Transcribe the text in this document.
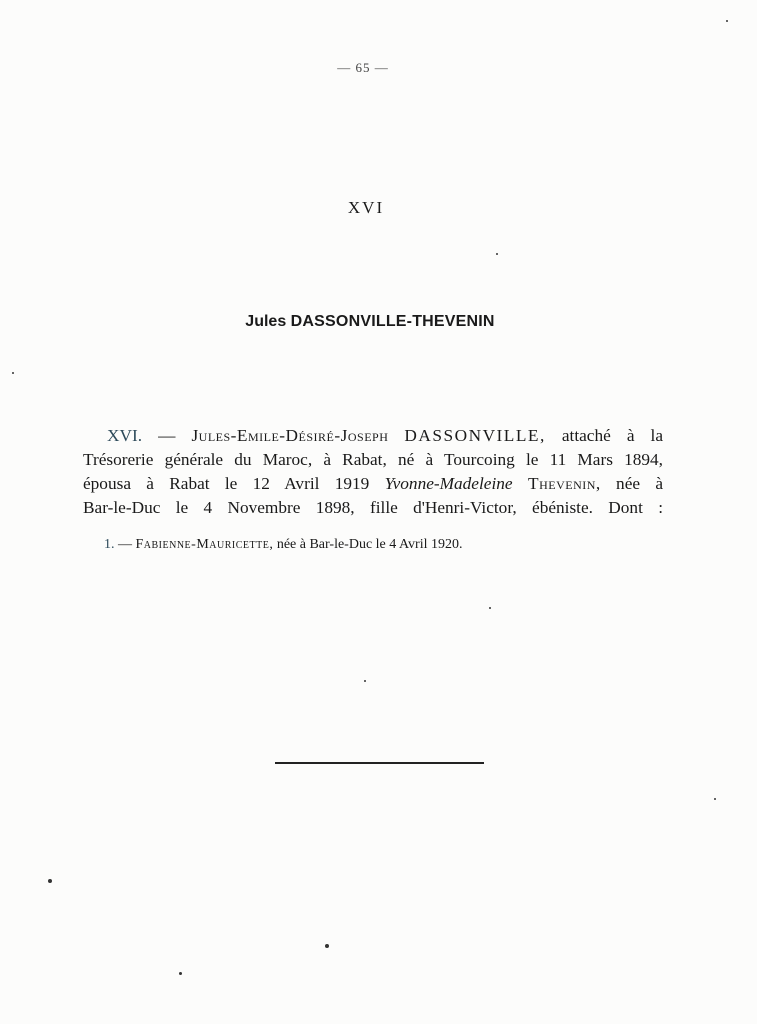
— 65 —
XVI
Jules DASSONVILLE-THEVENIN
XVI. — Jules-Emile-Désiré-Joseph DASSONVILLE, attaché à la
Trésorerie générale du Maroc, à Rabat, né à Tourcoing le 11 Mars 1894,
épousa à Rabat le 12 Avril 1919 Yvonne-Madeleine Thevenin, née à
Bar-le-Duc le 4 Novembre 1898, fille d'Henri-Victor, ébéniste. Dont :
1. — Fabienne-Mauricette, née à Bar-le-Duc le 4 Avril 1920.
